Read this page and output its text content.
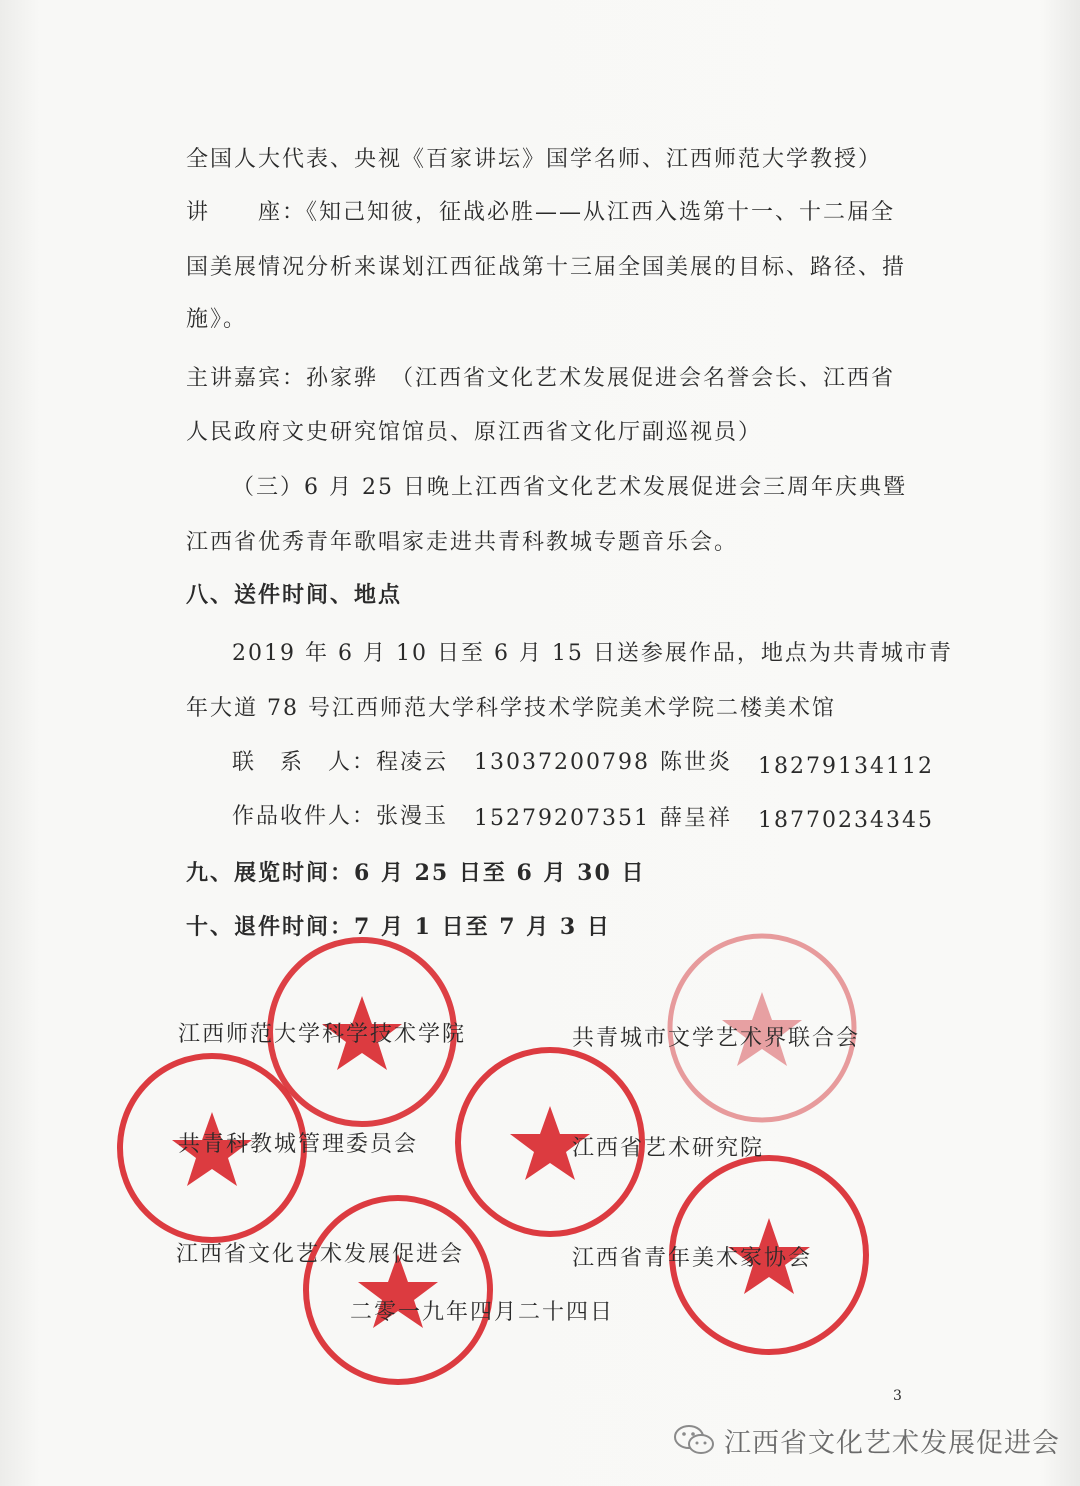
全国人大代表、央视《百家讲坛》国学名师、江西师范大学教授）
讲　　座：《知己知彼，征战必胜——从江西入选第十一、十二届全
国美展情况分析来谋划江西征战第十三届全国美展的目标、路径、措
施》。
主讲嘉宾：孙家骅　（江西省文化艺术发展促进会名誉会长、江西省
人民政府文史研究馆馆员、原江西省文化厅副巡视员）
（三）6 月 25 日晚上江西省文化艺术发展促进会三周年庆典暨
江西省优秀青年歌唱家走进共青科教城专题音乐会。
八、送件时间、地点
2019 年 6 月 10 日至 6 月 15 日送参展作品，地点为共青城市青
年大道 78 号江西师范大学科学技术学院美术学院二楼美术馆
联　系　人： 程凌云 13037200798 陈世炎 18279134112
作品收件人： 张漫玉 15279207351 薛呈祥 18770234345
九、展览时间：6 月 25 日至 6 月 30 日
十、退件时间：7 月 1 日至 7 月 3 日
江西师范大学科学技术学院	共青城市文学艺术界联合会
共青科教城管理委员会	江西省艺术研究院
江西省文化艺术发展促进会	江西省青年美术家协会
二零一九年四月二十四日
3
江西省文化艺术发展促进会
